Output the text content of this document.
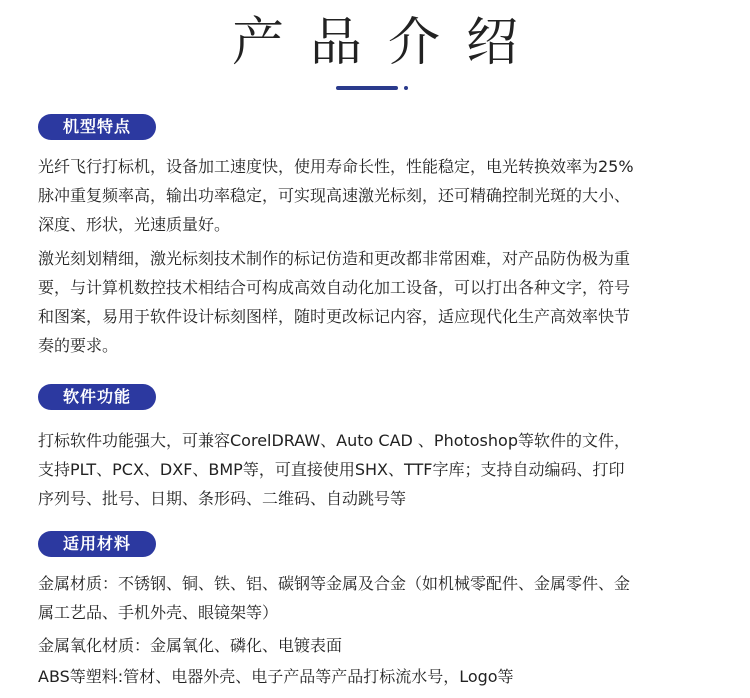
产品介绍
机型特点

光纤飞行打标机，设备加工速度快，使用寿命长性，性能稳定，电光转换效率为25%
脉冲重复频率高，输出功率稳定，可实现高速激光标刻，还可精确控制光斑的大小、
深度、形状，光速质量好。

激光刻划精细，激光标刻技术制作的标记仿造和更改都非常困难，对产品防伪极为重
要，与计算机数控技术相结合可构成高效自动化加工设备，可以打出各种文字，符号
和图案，易用于软件设计标刻图样，随时更改标记内容，适应现代化生产高效率快节
奏的要求。

软件功能

打标软件功能强大，可兼容CorelDRAW、Auto CAD 、Photoshop等软件的文件，
支持PLT、PCX、DXF、BMP等，可直接使用SHX、TTF字库；支持自动编码、打印
序列号、批号、日期、条形码、二维码、自动跳号等

适用材料

金属材质：不锈钢、铜、铁、铝、碳钢等金属及合金（如机械零配件、金属零件、金
属工艺品、手机外壳、眼镜架等）

金属氧化材质：金属氧化、磷化、电镀表面

ABS等塑料:管材、电器外壳、电子产品等产品打标流水号，Logo等
